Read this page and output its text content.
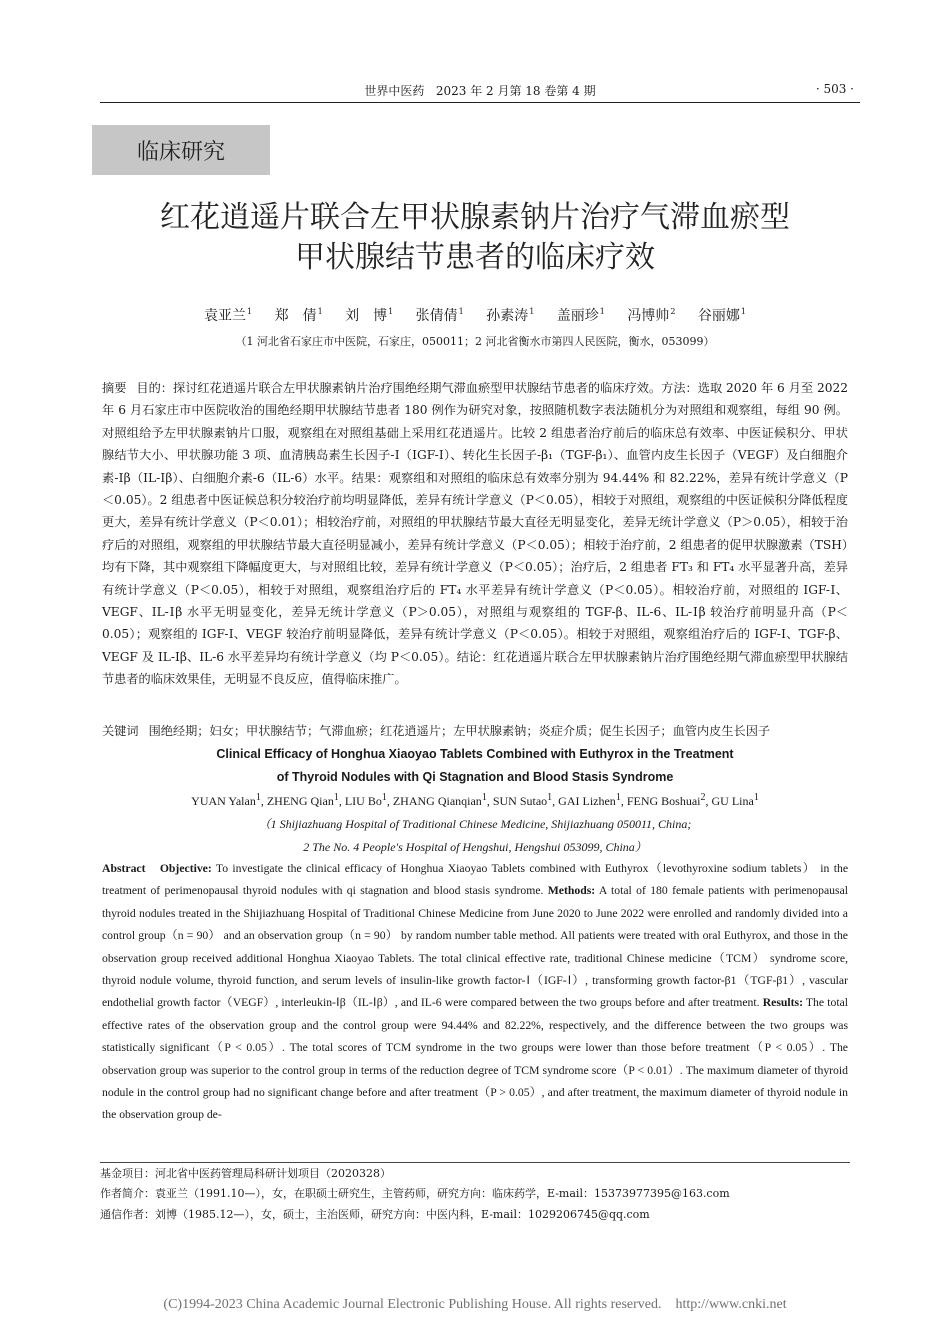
世界中医药 2023 年 2 月第 18 卷第 4 期	· 503 ·
临床研究
红花逍遥片联合左甲状腺素钠片治疗气滞血瘀型
甲状腺结节患者的临床疗效
袁亚兰$^1$ 郑　倩$^1$ 刘　博$^1$ 张倩倩$^1$ 孙素涛$^1$ 盖丽珍$^1$ 冯博帅$^2$ 谷丽娜$^1$
（1 河北省石家庄市中医院，石家庄，050011；2 河北省衡水市第四人民医院，衡水，053099）

摘要 目的：探讨红花逍遥片联合左甲状腺素钠片治疗围绝经期气滞血瘀型甲状腺结节患者的临床疗效。方法：选取 2020 年 6 月至 2022 年 6 月石家庄市中医院收治的围绝经期甲状腺结节患者 180 例作为研究对象，按照随机数字表法随机分为对照组和观察组，每组 90 例。对照组给予左甲状腺素钠片口服，观察组在对照组基础上采用红花逍遥片。比较 2 组患者治疗前后的临床总有效率、中医证候积分、甲状腺结节大小、甲状腺功能 3 项、血清胰岛素生长因子-Ⅰ（IGF-Ⅰ）、转化生长因子-β₁（TGF-β₁）、血管内皮生长因子（VEGF）及白细胞介素-Ⅰβ（IL-Ⅰβ）、白细胞介素-6（IL-6）水平。结果：观察组和对照组的临床总有效率分别为 94.44% 和 82.22%，差异有统计学意义（P＜0.05）。2 组患者中医证候总积分较治疗前均明显降低，差异有统计学意义（P＜0.05），相较于对照组，观察组的中医证候积分降低程度更大，差异有统计学意义（P＜0.01）；相较治疗前，对照组的甲状腺结节最大直径无明显变化，差异无统计学意义（P＞0.05），相较于治疗后的对照组，观察组的甲状腺结节最大直径明显减小，差异有统计学意义（P＜0.05）；相较于治疗前，2 组患者的促甲状腺激素（TSH）均有下降，其中观察组下降幅度更大，与对照组比较，差异有统计学意义（P＜0.05）；治疗后，2 组患者 FT₃ 和 FT₄ 水平显著升高，差异有统计学意义（P＜0.05），相较于对照组，观察组治疗后的 FT₄ 水平差异有统计学意义（P＜0.05）。相较治疗前，对照组的 IGF-Ⅰ、VEGF、IL-Ⅰβ 水平无明显变化，差异无统计学意义（P＞0.05），对照组与观察组的 TGF-β、IL-6、IL-Ⅰβ 较治疗前明显升高（P＜0.05）；观察组的 IGF-Ⅰ、VEGF 较治疗前明显降低，差异有统计学意义（P＜0.05）。相较于对照组，观察组治疗后的 IGF-Ⅰ、TGF-β、VEGF 及 IL-Ⅰβ、IL-6 水平差异均有统计学意义（均 P＜0.05）。结论：红花逍遥片联合左甲状腺素钠片治疗围绝经期气滞血瘀型甲状腺结节患者的临床效果佳，无明显不良反应，值得临床推广。

关键词 围绝经期；妇女；甲状腺结节；气滞血瘀；红花逍遥片；左甲状腺素钠；炎症介质；促生长因子；血管内皮生长因子
Clinical Efficacy of Honghua Xiaoyao Tablets Combined with Euthyrox in the Treatment
of Thyroid Nodules with Qi Stagnation and Blood Stasis Syndrome
YUAN Yalan$^1$, ZHENG Qian$^1$, LIU Bo$^1$, ZHANG Qianqian$^1$, SUN Sutao$^1$, GAI Lizhen$^1$, FENG Boshuai$^2$, GU Lina$^1$
（1 Shijiazhuang Hospital of Traditional Chinese Medicine, Shijiazhuang 050011, China;
2 The No. 4 People's Hospital of Hengshui, Hengshui 053099, China）

Abstract Objective: To investigate the clinical efficacy of Honghua Xiaoyao Tablets combined with Euthyrox（levothyroxine sodium tablets） in the treatment of perimenopausal thyroid nodules with qi stagnation and blood stasis syndrome. Methods: A total of 180 female patients with perimenopausal thyroid nodules treated in the Shijiazhuang Hospital of Traditional Chinese Medicine from June 2020 to June 2022 were enrolled and randomly divided into a control group（n = 90） and an observation group（n = 90） by random number table method. All patients were treated with oral Euthyrox, and those in the observation group received additional Honghua Xiaoyao Tablets. The total clinical effective rate, traditional Chinese medicine（TCM） syndrome score, thyroid nodule volume, thyroid function, and serum levels of insulin-like growth factor-Ⅰ（IGF-Ⅰ）, transforming growth factor-β1（TGF-β1）, vascular endothelial growth factor（VEGF）, interleukin-Ⅰβ（IL-Ⅰβ）, and IL-6 were compared between the two groups before and after treatment. Results: The total effective rates of the observation group and the control group were 94.44% and 82.22%, respectively, and the difference between the two groups was statistically significant（P < 0.05）. The total scores of TCM syndrome in the two groups were lower than those before treatment（P < 0.05）. The observation group was superior to the control group in terms of the reduction degree of TCM syndrome score（P < 0.01）. The maximum diameter of thyroid nodule in the control group had no significant change before and after treatment（P > 0.05）, and after treatment, the maximum diameter of thyroid nodule in the observation group de-

基金项目：河北省中医药管理局科研计划项目（2020328）
作者简介：袁亚兰（1991.10—），女，在职硕士研究生，主管药师，研究方向：临床药学，E-mail：15373977395@163.com
通信作者：刘博（1985.12—），女，硕士，主治医师，研究方向：中医内科，E-mail：1029206745@qq.com
(C)1994-2023 China Academic Journal Electronic Publishing House. All rights reserved. http://www.cnki.net
